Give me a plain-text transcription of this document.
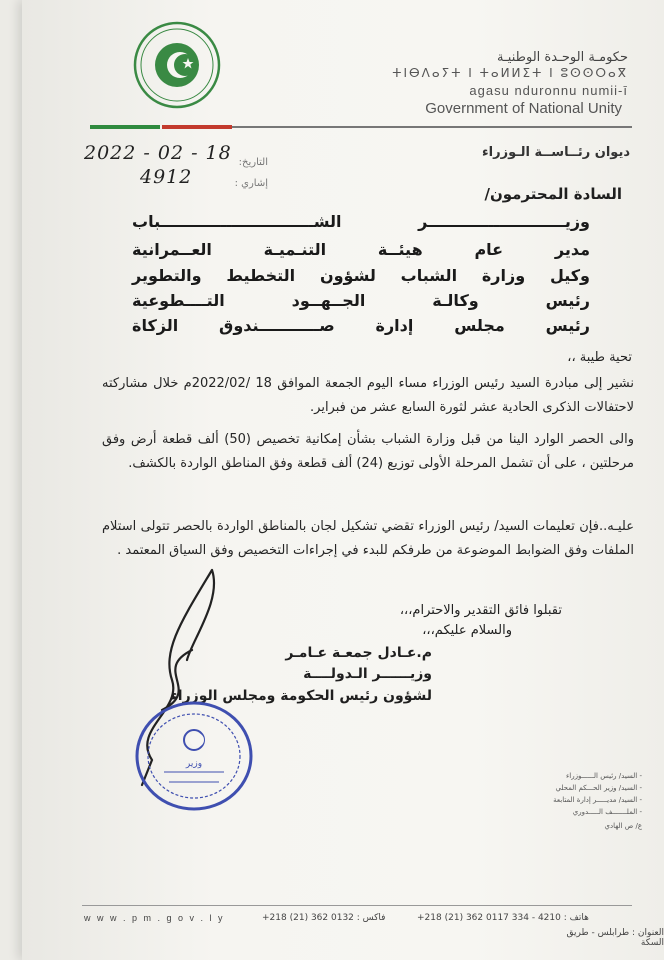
حكومـة الوحـدة الوطنيـة
ⵜⵏⴱⴷⴰⵢⵜ ⵏ ⵜⴰⵍⵍⵉⵜ ⵏ ⵓⵙⵙⵔⴰⴳ
agasu nduronnu numii-ī
Government of National Unity
ديوان رئــاســة الـوزراء
2022 - 02 - 18 التاريخ:
4912	إشاري :
السادة المحترمون/
وزيـــــــــــــــــــــــــر الشــــــــــــــــــــــــــــباب
مدير عام هيئــة التنـميـة العــمرانية
وكيل وزارة الشباب لشؤون التخطيط والتطوير
رئيس وكالـة الجــهــود التــــطوعية
رئيس مجلس إدارة صـــــــــــندوق الزكاة
تحية طيبة ،،
نشير إلى مبادرة السيد رئيس الوزراء مساء اليوم الجمعة الموافق 18 /2022/02م خلال مشاركته لاحتفالات الذكرى الحادية عشر لثورة السابع عشر من فبراير.
والى الحصر الوارد الينا من قبل وزارة الشباب بشأن إمكانية تخصيص (50) ألف قطعة أرض وفق مرحلتين ، على أن تشمل المرحلة الأولى توزيع (24) ألف قطعة وفق المناطق الواردة بالكشف.
عليـه..فإن تعليمات السيد/ رئيس الوزراء تقضي تشكيل لجان بالمناطق الواردة بالحصر تتولى استلام الملفات وفق الضوابط الموضوعة من طرفكم للبدء في إجراءات التخصيص وفق السياق المعتمد .
تقبلوا فائق التقدير والاحترام،،،
والسلام عليكم،،،
م.عـادل جمعـة عـامـر
وزيــــــر الـدولــــة
لشؤون رئيس الحكومة ومجلس الوزراء
وزير
- السيد/ رئيس الــــــوزراء
- السيد/ وزير الحـــكم المحلي
- السيد/ مديـــــر إدارة المتابعة
- الملـــــــف الـــــدوري
ع/ ص الهادي
w w w . p m . g o v . l y	فاكس : 0132 362 (21) 218+	هاتف : 4210 - 334 0117 362 (21) 218+
العنوان : طرابلس - طريق السكة
